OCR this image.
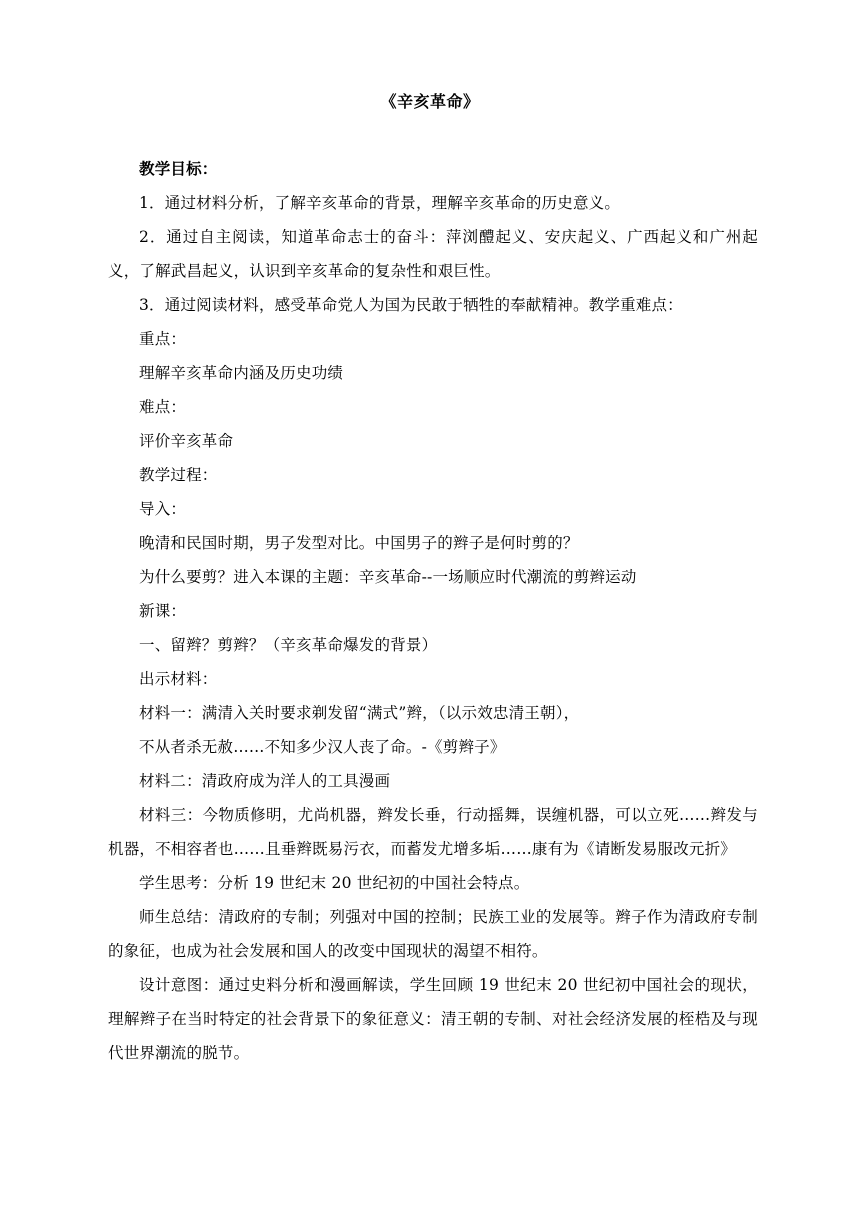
《辛亥革命》

教学目标：

1．通过材料分析，了解辛亥革命的背景，理解辛亥革命的历史意义。

2．通过自主阅读，知道革命志士的奋斗：萍浏醴起义、安庆起义、广西起义和广州起义，了解武昌起义，认识到辛亥革命的复杂性和艰巨性。

3．通过阅读材料，感受革命党人为国为民敢于牺牲的奉献精神。教学重难点：

重点：

理解辛亥革命内涵及历史功绩

难点：

评价辛亥革命

教学过程：

导入：

晚清和民国时期，男子发型对比。中国男子的辫子是何时剪的？

为什么要剪？进入本课的主题：辛亥革命--一场顺应时代潮流的剪辫运动

新课：

一、留辫？剪辫？（辛亥革命爆发的背景）

出示材料：

材料一：满清入关时要求剃发留“满式”辫，（以示效忠清王朝），

不从者杀无赦……不知多少汉人丧了命。-《剪辫子》

材料二：清政府成为洋人的工具漫画

材料三：今物质修明，尤尚机器，辫发长垂，行动摇舞，误缠机器，可以立死……辫发与机器，不相容者也……且垂辫既易污衣，而蓄发尤增多垢……康有为《请断发易服改元折》

学生思考：分析 19 世纪末 20 世纪初的中国社会特点。

师生总结：清政府的专制；列强对中国的控制；民族工业的发展等。辫子作为清政府专制的象征，也成为社会发展和国人的改变中国现状的渴望不相符。

设计意图：通过史料分析和漫画解读，学生回顾 19 世纪末 20 世纪初中国社会的现状，理解辫子在当时特定的社会背景下的象征意义：清王朝的专制、对社会经济发展的桎梏及与现代世界潮流的脱节。
